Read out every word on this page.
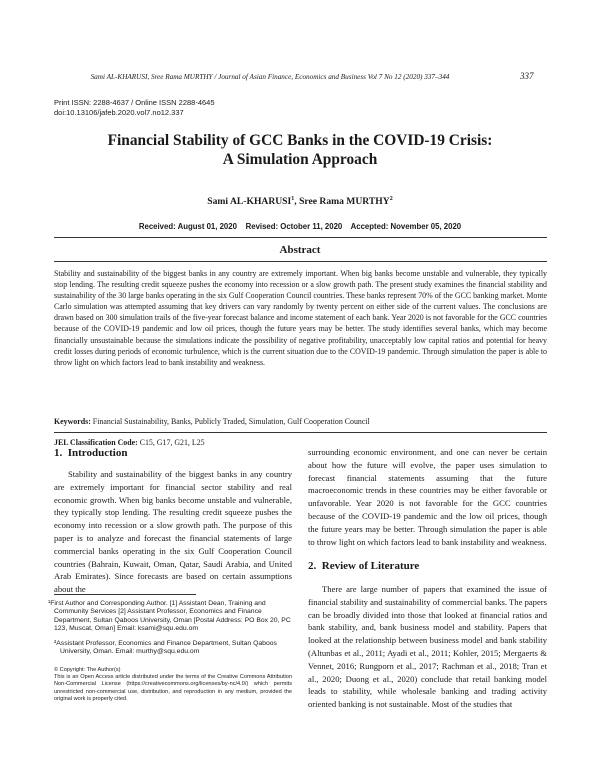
Sami AL-KHARUSI, Sree Rama MURTHY / Journal of Asian Finance, Economics and Business Vol 7 No 12 (2020) 337–344	337
Print ISSN: 2288-4637 / Online ISSN 2288-4645
doi:10.13106/jafeb.2020.vol7.no12.337
Financial Stability of GCC Banks in the COVID-19 Crisis:
A Simulation Approach
Sami AL-KHARUSI$^1$, Sree Rama MURTHY$^2$
Received: August 01, 2020    Revised: October 11, 2020    Accepted: November 05, 2020
Abstract
Stability and sustainability of the biggest banks in any country are extremely important. When big banks become unstable and vulnerable, they typically stop lending. The resulting credit squeeze pushes the economy into recession or a slow growth path. The present study examines the financial stability and sustainability of the 30 large banks operating in the six Gulf Cooperation Council countries. These banks represent 70% of the GCC banking market. Monte Carlo simulation was attempted assuming that key drivers can vary randomly by twenty percent on either side of the current values. The conclusions are drawn based on 300 simulation trails of the five-year forecast balance and income statement of each bank. Year 2020 is not favorable for the GCC countries because of the COVID-19 pandemic and low oil prices, though the future years may be better. The study identifies several banks, which may become financially unsustainable because the simulations indicate the possibility of negative profitability, unacceptably low capital ratios and potential for heavy credit losses during periods of economic turbulence, which is the current situation due to the COVID-19 pandemic. Through simulation the paper is able to throw light on which factors lead to bank instability and weakness.
Keywords: Financial Sustainability, Banks, Publicly Traded, Simulation, Gulf Cooperation Council
JEL Classification Code: C15, G17, G21, L25
1.  Introduction
Stability and sustainability of the biggest banks in any country are extremely important for financial sector stability and real economic growth. When big banks become unstable and vulnerable, they typically stop lending. The resulting credit squeeze pushes the economy into recession or a slow growth path. The purpose of this paper is to analyze and forecast the financial statements of large commercial banks operating in the six Gulf Cooperation Council countries (Bahrain, Kuwait, Oman, Qatar, Saudi Arabia, and United Arab Emirates). Since forecasts are based on certain assumptions about the
surrounding economic environment, and one can never be certain about how the future will evolve, the paper uses simulation to forecast financial statements assuming that the future macroeconomic trends in these countries may be either favorable or unfavorable. Year 2020 is not favorable for the GCC countries because of the COVID-19 pandemic and the low oil prices, though the future years may be better. Through simulation the paper is able to throw light on which factors lead to bank instability and weakness.
2.  Review of Literature
There are large number of papers that examined the issue of financial stability and sustainability of commercial banks. The papers can be broadly divided into those that looked at financial ratios and bank stability, and, bank business model and stability. Papers that looked at the relationship between business model and bank stability (Altunbas et al., 2011; Ayadi et al., 2011; Kohler, 2015; Mergaerts & Vennet, 2016; Rungporn et al., 2017; Rachman et al., 2018; Tran et al., 2020; Duong et al., 2020) conclude that retail banking model leads to stability, while wholesale banking and trading activity oriented banking is not sustainable. Most of the studies that
¹First Author and Corresponding Author. [1] Assistant Dean, Training and Community Services [2] Assistant Professor, Economics and Finance Department, Sultan Qaboos University, Oman [Postal Address: PO Box 20, PC 123, Muscat, Oman] Email: ksami@squ.edu.om
²Assistant Professor, Economics and Finance Department, Sultan Qaboos University, Oman. Email: murthy@squ.edu.om
© Copyright: The Author(s)
This is an Open Access article distributed under the terms of the Creative Commons Attribution Non-Commercial License (https://creativecommons.org/licenses/by-nc/4.0/) which permits unrestricted non-commercial use, distribution, and reproduction in any medium, provided the original work is properly cited.
